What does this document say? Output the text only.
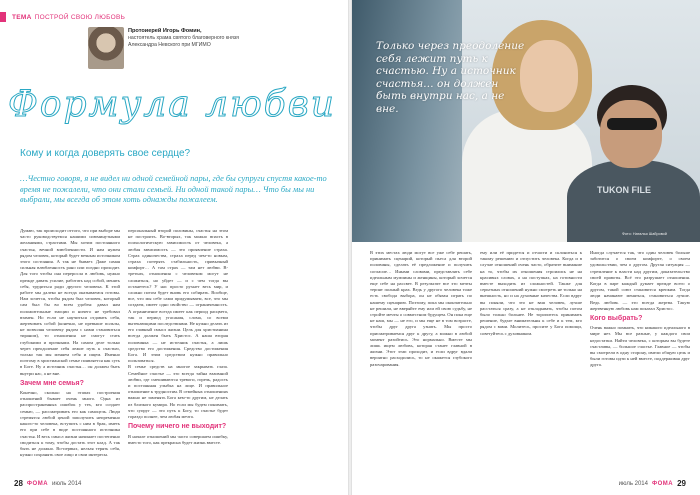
ТЕМА ПОСТРОЙ СВОЮ ЛЮБОВЬ
Протоиерей Игорь Фомин,
настоятель храма святого благоверного князя Александра Невского при МГИМО
Формула любви
Кому и когда доверять свое сердце?
…Честно говоря, я не видел ни одной семейной пары, где бы супруги спустя какое-то время не пожалели, что они стали семьей. Ни одной такой пары… Что бы мы ни выбрали, мы всегда об этом хоть однажды пожалеем.

Думаю, так происходит оттого, что при выборе мы часто руководствуемся нашими сиюминутными желаниями, страстями. Мы хотим постоянного счастья, вечной влюбленности. И нам нужен рядом человек, который будет вечным источником этого состояния. А так не бывает. Даже самая сильная влюбленность рано или поздно проходит. Для того чтобы она переросла в любовь, нужно прежде давать усилие, работать над собой, менять себя, трудиться ради другого человека. К этой работе мы далеко не всегда оказываемся готовы. Нам хочется, чтобы рядом был человек, который сам был бы во всем удобен: давал нам положительные эмоции и ничего не требовал взамен. Но если не научиться отдавать себя, жертвовать собой (конечно, не превыше пользы, не позволяя человеку рядом с нами становиться тираном), то отношения не смогут стать глубокими и прочными. На самом деле только через преодоление себя лежит путь к счастью, только так мы меняем себя и ищем. Именно поэтому в христианской семье появляется как суть в Боге. Ну а источник счастья… он должен быть внутри нас, а не вне.

Зачем мне семья?

Конечно, сколько на этапах построения отношений бывает очень много. Одна из распространенных ошибок у тех, кто создает семью, — рассматривать его как самоцель. Люди стремятся любой ценой заполучить непременно какого-то человека, вступить с ним в брак, иметь его при себе в виде постоянного источника счастья. И весь смысл жизни начинает постепенно сводиться к тому, чтобы достать этот клад. А так быть не должно. Во-первых, нельзя терять себя, нужно сохранять свое лицо и свои интересы.

персональный второй половины, счастья на этом не построить. Во-вторых, так можно впасть в психологическую зависимость от человека, а любая зависимость — это проявление страха. Страх одиночества, страха перед чем-то новым, страха потерять стабильность, привычный комфорт… А там страх — там нет любви. В-третьих, отношения с человеком могут не сложиться, но уйдет — и с чем тогда вы останетесь? У нас просто рухнет весь мир, и сложно потом будет вновь его собирать. Вообще, все, что мы себе сами придумываем, все, что мы создаем, имеет одно свойство — ограниченность. А ограничение всегда имеет как период расцвета, так и период угасания, слома, со всеми вытекающими последствиями. Не нужно делать из его главный смысл жизни. Цель для христианина всегда должен быть Христос. А наша вторая половинка — не источник счастья, а лишь средство его достижения. Средство достижения Бога. И этим средством нужно правильно пользоваться.

В семье средств на многое закрывать глаза. Семейное счастье — это всегда тайна взаимной любви, где смешиваются тревоги, горечь, радость и постоянная улыбка на лице. И правильное отношение к трудностям. В семейных отношениях важно не заменять Бога кем-то другим, не делать из близкого кумира. Но если мы будем понимать, что супруг — это путь к Богу, то счастье будет гораздо полнее, чем любая мечта.

Почему ничего не выходит?

В начале отношений мы часто совершаем ошибку, вместо того, как прекрасна будет жизнь вместе.

28 ФОМА июль 2014
TUKON FILE
Только через преодоление себя лежит путь к счастью. Ну а источник счастья… он должен быть внутри нас, а не вне.
Фото: Наталья Шабровой

В этих местах люди могут все уже себе решать, принимать сценарий, который пьеса для второй половины, сделать её предложение и получить согласие… Иными словами, представлять себе идеальным мужчины и женщины, который хочется еще себе на рассвет. В результате все это мечты терпят полный крах. Ведь у другого человека тоже есть свобода выбора, он не обязан играть по нашему сценарию. Поэтому, пока мы окончательно не решили, не вверяйте ему или ей свою судьбу, не стройте мечты о совместном будущем. Он пока еще не наш, мы — не его, и мы еще не в том возрасте, чтобы друг друга узнать. Мы просто присматриваемся друг к другу, а можно в любой момент разойтись. Это нормально. Вместе мы лишь ищем любовь, которая станет главной в жизни. Этот этап проходит, и если вдруг вдали вероятно расходились, то не окажется глубокого разочарования.

ему или её придется и отчасти и склониться к такому решению и отпустить человека. Когда и в случае отношений очень часто, обратите внимание на то, чтобы их отношения строились не на красивых словах, а на поступках, на готовности вместе выходить из сложностей. Также для серьезных отношений нужно смотреть не только на внешность, но и на духовные качества. Если вдруг вы поняли, что это не ваш человек, лучше расстаться сразу, а не откладывать, чтобы потом было только больнее. Не торопитесь принимать решение, будьте внимательны к себе и к тем, кто рядом с вами. Молитесь, просите у Бога помощи, советуйтесь с духовником.

Иногда случается так, что один человек больше заботится о своем комфорте, о своем удовольствии, чем о другом. Другая ситуация — стремление к власти над другим, доказательство своей правоты. Всё это разрушает отношения. Когда в паре каждый думает прежде всего о другом, такой союз становится крепким. Тогда люди начинают меняться, становиться лучше. Ведь любовь — это всегда жертва. Такую жертвенную любовь нам показал Христос.

Кого выбрать?

Очень важно помнить, что никакого идеального в мире нет. Мы все разные, у каждого свои недостатки. Найти человека, с которым вы будете счастливы, — большое счастье. Главное — чтобы вы смотрели в одну сторону, имели общую цель и были готовы идти к ней вместе, поддерживая друг друга.

июль 2014 ФОМА 29
